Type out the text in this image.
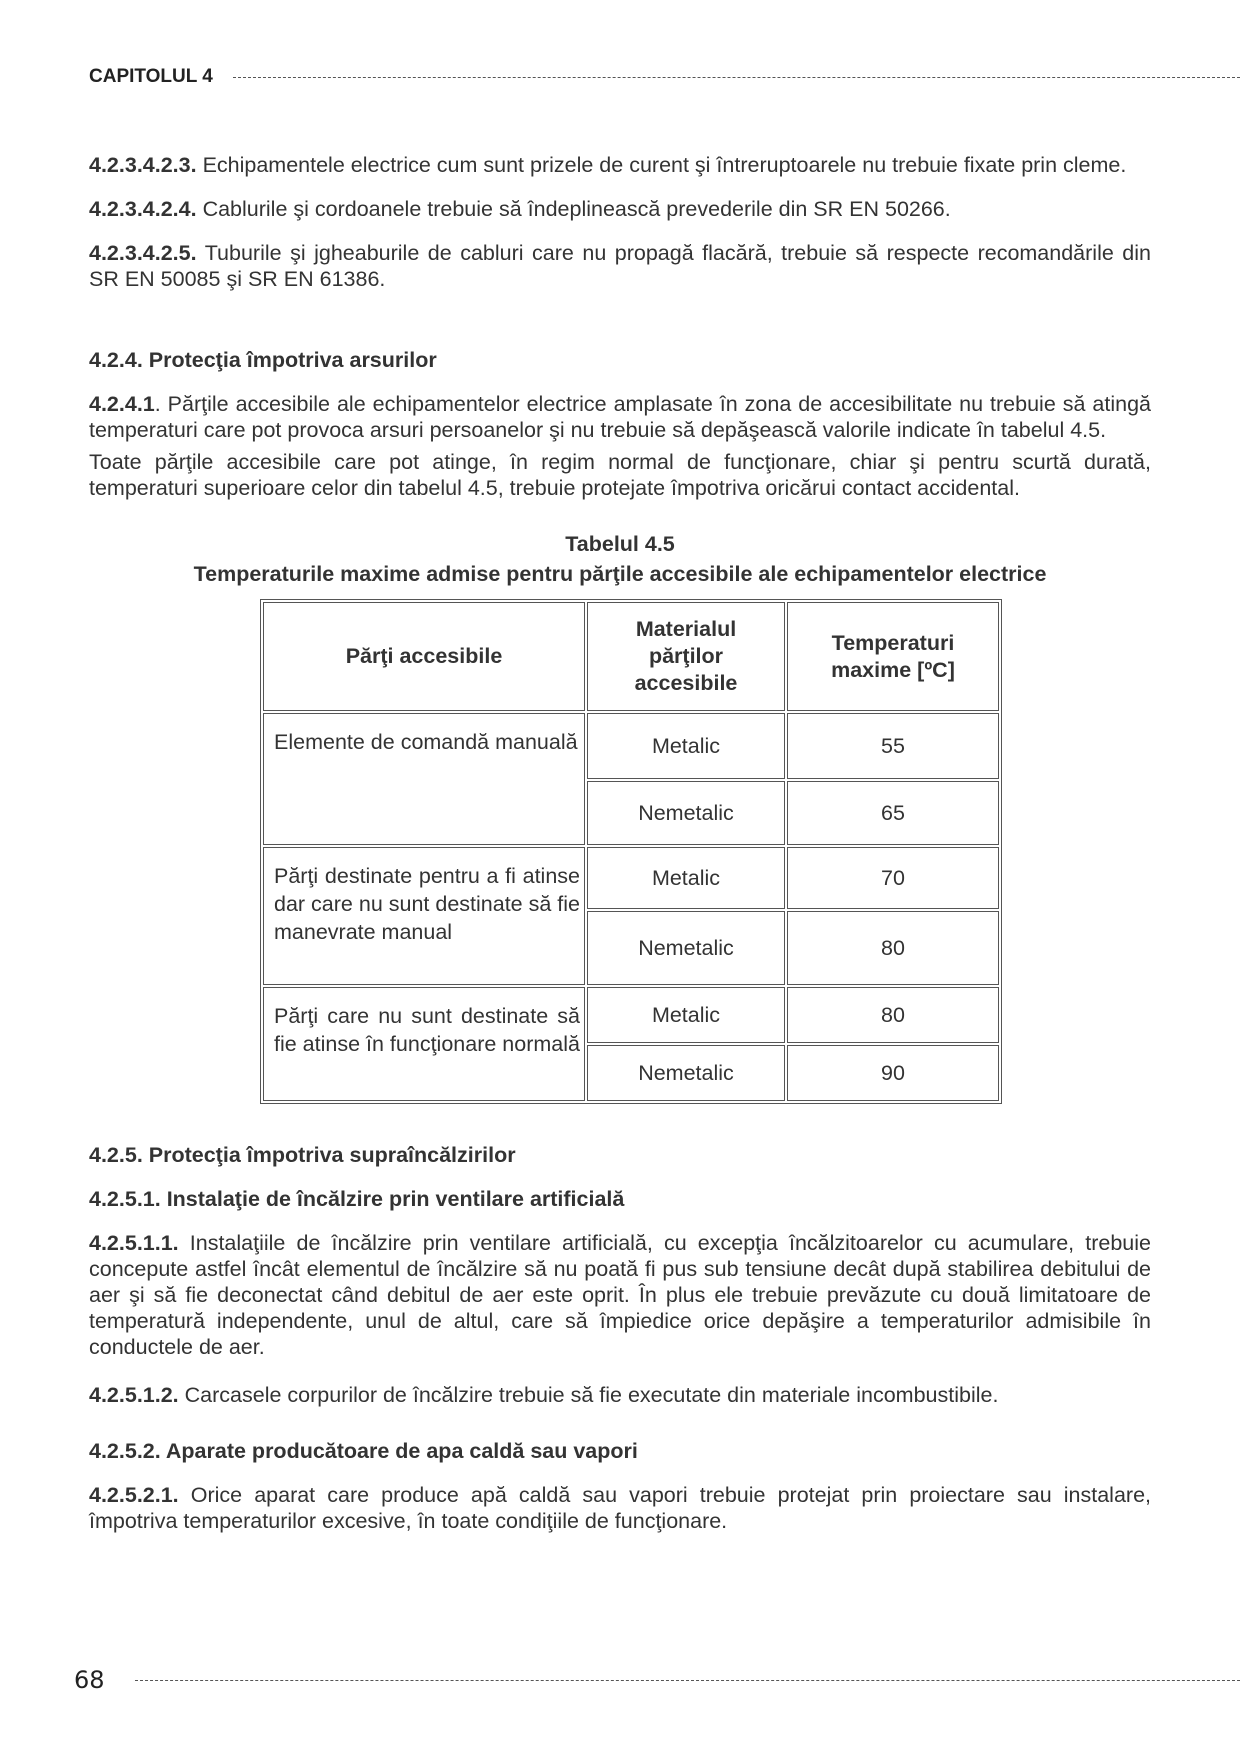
CAPITOLUL 4

4.2.3.4.2.3. Echipamentele electrice cum sunt prizele de curent şi întreruptoarele nu trebuie fixate prin cleme.

4.2.3.4.2.4. Cablurile şi cordoanele trebuie să îndeplinească prevederile din SR EN 50266.

4.2.3.4.2.5. Tuburile şi jgheaburile de cabluri care nu propagă flacără, trebuie să respecte recomandările din SR EN 50085 şi SR EN 61386.

4.2.4. Protecţia împotriva arsurilor

4.2.4.1. Părţile accesibile ale echipamentelor electrice amplasate în zona de accesibilitate nu trebuie să atingă temperaturi care pot provoca arsuri persoanelor şi nu trebuie să depăşească valorile indicate în tabelul 4.5.

Toate părţile accesibile care pot atinge, în regim normal de funcţionare, chiar şi pentru scurtă durată, temperaturi superioare celor din tabelul 4.5, trebuie protejate împotriva oricărui contact accidental.

Tabelul 4.5
Temperaturile maxime admise pentru părţile accesibile ale echipamentelor electrice
Părţi accesibile	Materialul părţilor accesibile	Temperaturi maxime [ºC]
Elemente de comandă manuală	Metalic	55
	Nemetalic	65
Părţi destinate pentru a fi atinse dar care nu sunt destinate să fie manevrate manual	Metalic	70
	Nemetalic	80
Părţi care nu sunt destinate să fie atinse în funcţionare normală	Metalic	80
	Nemetalic	90
4.2.5. Protecţia împotriva supraîncălzirilor
4.2.5.1. Instalaţie de încălzire prin ventilare artificială

4.2.5.1.1. Instalaţiile de încălzire prin ventilare artificială, cu excepţia încălzitoarelor cu acumulare, trebuie concepute astfel încât elementul de încălzire să nu poată fi pus sub tensiune decât după stabilirea debitului de aer şi să fie deconectat când debitul de aer este oprit. În plus ele trebuie prevăzute cu două limitatoare de temperatură independente, unul de altul, care să împiedice orice depăşire a temperaturilor admisibile în conductele de aer.

4.2.5.1.2. Carcasele corpurilor de încălzire trebuie să fie executate din materiale incombustibile.

4.2.5.2. Aparate producătoare de apa caldă sau vapori

4.2.5.2.1. Orice aparat care produce apă caldă sau vapori trebuie protejat prin proiectare sau instalare, împotriva temperaturilor excesive, în toate condiţiile de funcţionare.

68
